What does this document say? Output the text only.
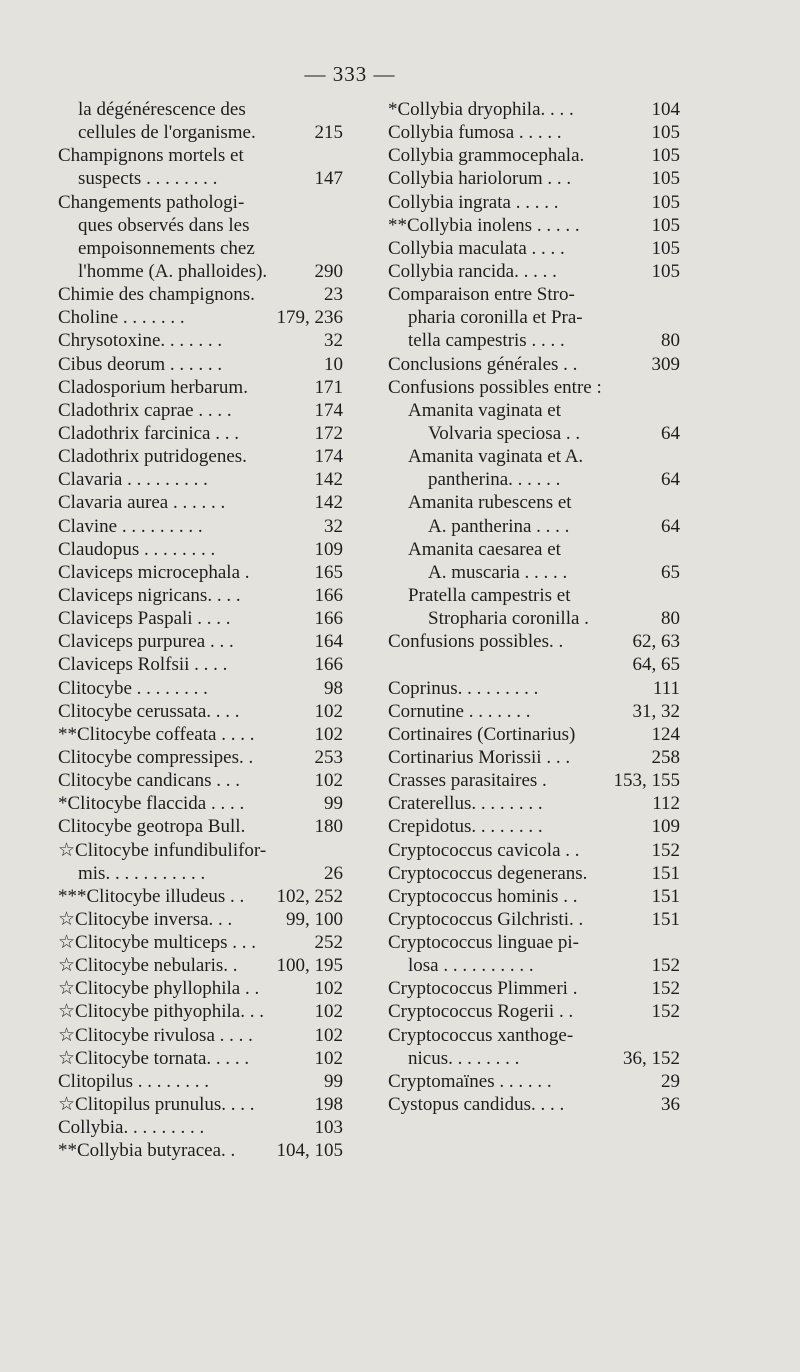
— 333 —
la dégénérescence des
cellules de l'organisme.	215
Champignons mortels et
suspects . . . . . . . .	147
Changements pathologi-
ques observés dans les
empoisonnements chez
l'homme (A. phalloides). 290
Chimie des champignons.	23
Choline . . . . . . .	179, 236
Chrysotoxine. . . . . . .	32
Cibus deorum . . . . . .	10
Cladosporium herbarum.	171
Cladothrix caprae . . . .	174
Cladothrix farcinica . . .	172
Cladothrix putridogenes.	174
Clavaria . . . . . . . . .	142
Clavaria aurea . . . . . .	142
Clavine . . . . . . . . .	32
Claudopus . . . . . . . .	109
Claviceps microcephala .	165
Claviceps nigricans. . . .	166
Claviceps Paspali . . . .	166
Claviceps purpurea . . .	164
Claviceps Rolfsii . . . .	166
Clitocybe . . . . . . . .	98
Clitocybe cerussata. . . .	102
**Clitocybe coffeata . . . .	102
Clitocybe compressipes. .	253
Clitocybe candicans . . .	102
*Clitocybe flaccida . . . .	99
Clitocybe geotropa Bull.	180
☆Clitocybe infundibulifor-
mis. . . . . . . . . . .	26
***Clitocybe illudeus . . 102, 252
☆Clitocybe inversa. . .	99, 100
☆Clitocybe multiceps . . .	252
☆Clitocybe nebularis. . 100, 195
☆Clitocybe phyllophila . .	102
☆Clitocybe pithyophila. . .	102
☆Clitocybe rivulosa . . . .	102
☆Clitocybe tornata. . . . .	102
Clitopilus . . . . . . . .	99
☆Clitopilus prunulus. . . .	198
Collybia. . . . . . . . .	103
**Collybia butyracea. . 104, 105
*Collybia dryophila. . . .	104
Collybia fumosa . . . . .	105
Collybia grammocephala.	105
Collybia hariolorum . . .	105
Collybia ingrata . . . . .	105
**Collybia inolens . . . . .	105
Collybia maculata . . . .	105
Collybia rancida. . . . .	105
Comparaison entre Stro-
pharia coronilla et Pra-
tella campestris . . . .	80
Conclusions générales . .	309
Confusions possibles entre :
Amanita vaginata et
Volvaria speciosa . .	64
Amanita vaginata et A.
pantherina. . . . . .	64
Amanita rubescens et
A. pantherina . . . .	64
Amanita caesarea et
A. muscaria . . . . .	65
Pratella campestris et
Stropharia coronilla .	80
Confusions possibles. .	62, 63
64, 65
Coprinus. . . . . . . . .	111
Cornutine . . . . . . .	31, 32
Cortinaires (Cortinarius)	124
Cortinarius Morissii . . .	258
Crasses parasitaires .	153, 155
Craterellus. . . . . . . .	112
Crepidotus. . . . . . . .	109
Cryptococcus cavicola . .	152
Cryptococcus degenerans.	151
Cryptococcus hominis . .	151
Cryptococcus Gilchristi. .	151
Cryptococcus linguae pi-
losa . . . . . . . . . .	152
Cryptococcus Plimmeri .	152
Cryptococcus Rogerii . .	152
Cryptococcus xanthoge-
nicus. . . . . . . .	36, 152
Cryptomaïnes . . . . . .	29
Cystopus candidus. . . .	36
